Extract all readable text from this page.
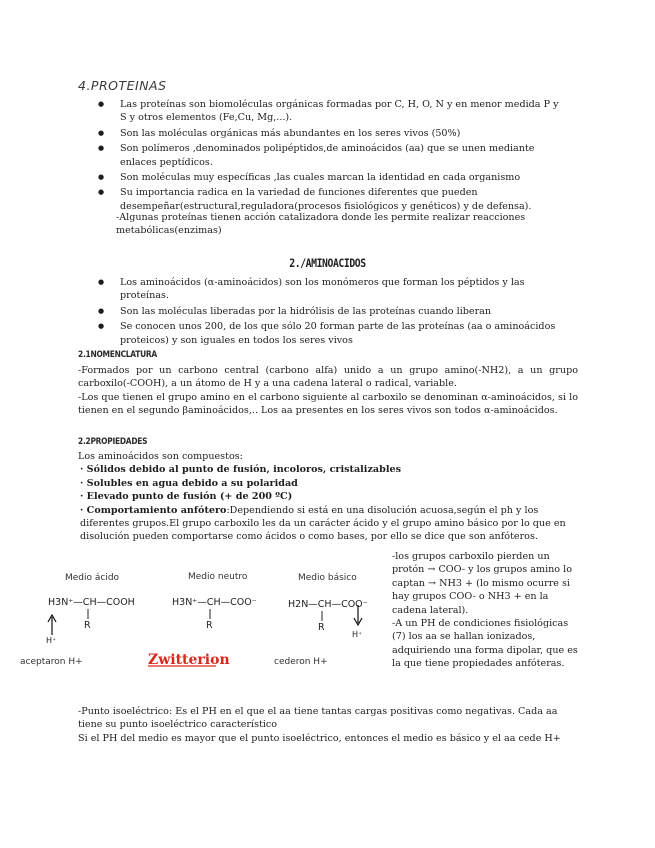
4.PROTEINAS
● Las proteínas son biomoléculas orgánicas formadas por C, H, O, N y en menor medida P y S y otros elementos (Fe,Cu, Mg,...).
● Son las moléculas orgánicas más abundantes en los seres vivos (50%)
● Son polímeros ,denominados polipéptidos,de aminoácidos (aa) que se unen mediante enlaces peptídicos.
● Son moléculas muy específicas ,las cuales marcan la identidad en cada organismo
● Su importancia radica en la variedad de funciones diferentes que pueden desempeñar(estructural,reguladora(procesos fisiológicos y genéticos) y de defensa).
-Algunas proteínas tienen acción catalizadora donde les permite realizar reacciones metabólicas(enzimas)
2./AMINOACIDOS
● Los aminoácidos (α-aminoácidos) son los monómeros que forman los péptidos y las proteínas.
● Son las moléculas liberadas por la hidrólisis de las proteínas cuando liberan
● Se conocen unos 200, de los que sólo 20 forman parte de las proteínas (aa o aminoácidos proteicos) y son iguales en todos los seres vivos
2.1NOMENCLATURA

-Formados por un carbono central (carbono alfa) unido a un grupo amino(-NH2), a un grupo carboxilo(-COOH), a un átomo de H y a una cadena lateral o radical, variable.

-Los que tienen el grupo amino en el carbono siguiente al carboxilo se denominan α-aminoácidos, si lo tienen en el segundo βaminoácidos,.. Los aa presentes en los seres vivos son todos α-aminoácidos.

2.2PROPIEDADES
Los aminoácidos son compuestos:
· Sólidos debido al punto de fusión, incoloros, cristalizables
· Solubles en agua debido a su polaridad
· Elevado punto de fusión (+ de 200 ºC)
· Comportamiento anfótero:Dependiendo si está en una disolución acuosa,según el ph y los diferentes grupos.El grupo carboxilo les da un carácter ácido y el grupo amino básico por lo que en disolución pueden comportarse como ácidos o como bases, por ello se dice que son anfóteros.
Medio ácido	Medio neutro	Medio básico
H3N⁺—CH—COOH	H3N⁺—CH—COO⁻	H2N—CH—COO⁻
R	R	R
H⁺
H⁺
aceptaron H+	Zwitterion	cederon H+

-los grupos carboxilo pierden un protón → COO- y los grupos amino lo captan → NH3 + (lo mismo ocurre si hay grupos COO- o NH3 + en la cadena lateral).

-A un PH de condiciones fisiológicas (7) los aa se hallan ionizados, adquiriendo una forma dipolar, que es la que tiene propiedades anfóteras.

-Punto isoeléctrico: Es el PH en el que el aa tiene tantas cargas positivas como negativas. Cada aa tiene su punto isoeléctrico característico

Si el PH del medio es mayor que el punto isoeléctrico, entonces el medio es básico y el aa cede H+
